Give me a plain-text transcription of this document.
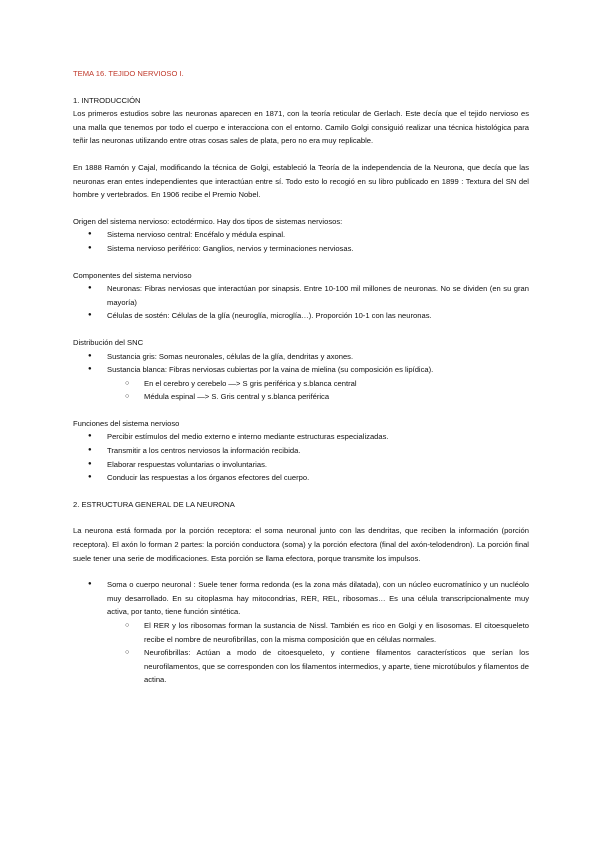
TEMA 16. TEJIDO NERVIOSO I.

1. INTRODUCCIÓN

Los primeros estudios sobre las neuronas aparecen en 1871, con la teoría reticular de Gerlach. Este decía que el tejido nervioso es una malla que tenemos por todo el cuerpo e interacciona con el entorno. Camilo Golgi consiguió realizar una técnica histológica para teñir las neuronas utilizando entre otras cosas sales de plata, pero no era muy replicable.

En 1888 Ramón y Cajal, modificando la técnica de Golgi, estableció la Teoría de la independencia de la Neurona, que decía que las neuronas eran entes independientes que interactúan entre sí. Todo esto lo recogió en su libro publicado en 1899 : Textura del SN del hombre y vertebrados. En 1906 recibe el Premio Nobel.

Origen del sistema nervioso: ectodérmico. Hay dos tipos de sistemas nerviosos:

● Sistema nervioso central: Encéfalo y médula espinal.
● Sistema nervioso periférico: Ganglios, nervios y terminaciones nerviosas.

Componentes del sistema nervioso

● Neuronas: Fibras nerviosas que interactúan por sinapsis. Entre 10-100 mil millones de neuronas. No se dividen (en su gran mayoría)
● Células de sostén: Células de la glía (neuroglía, microglía…). Proporción 10-1 con las neuronas.

Distribución del SNC

● Sustancia gris: Somas neuronales, células de la glía, dendritas y axones.
● Sustancia blanca: Fibras nerviosas cubiertas por la vaina de mielina (su composición es lipídica).
○ En el cerebro y cerebelo —> S gris periférica y s.blanca central
○ Médula espinal —> S. Gris central y s.blanca periférica

Funciones del sistema nervioso

● Percibir estímulos del medio externo e interno mediante estructuras especializadas.
● Transmitir a los centros nerviosos la información recibida.
● Elaborar respuestas voluntarias o involuntarias.
● Conducir las respuestas a los órganos efectores del cuerpo.

2. ESTRUCTURA GENERAL DE LA NEURONA

La neurona está formada por la porción receptora: el soma neuronal junto con las dendritas, que reciben la información (porción receptora). El axón lo forman 2 partes: la porción conductora (soma) y la porción efectora (final del axón-telodendron). La porción final suele tener una serie de modificaciones. Esta porción se llama efectora, porque transmite los impulsos.

● Soma o cuerpo neuronal : Suele tener forma redonda (es la zona más dilatada), con un núcleo eucromatínico y un nucléolo muy desarrollado. En su citoplasma hay mitocondrias, RER, REL, ribosomas… Es una célula transcripcionalmente muy activa, por tanto, tiene función sintética.
○ El RER y los ribosomas forman la sustancia de Nissl. También es rico en Golgi y en lisosomas. El citoesqueleto recibe el nombre de neurofibrillas, con la misma composición que en células normales.
○ Neurofibrillas: Actúan a modo de citoesqueleto, y contiene filamentos característicos que serían los neurofilamentos, que se corresponden con los filamentos intermedios, y aparte, tiene microtúbulos y filamentos de actina.
